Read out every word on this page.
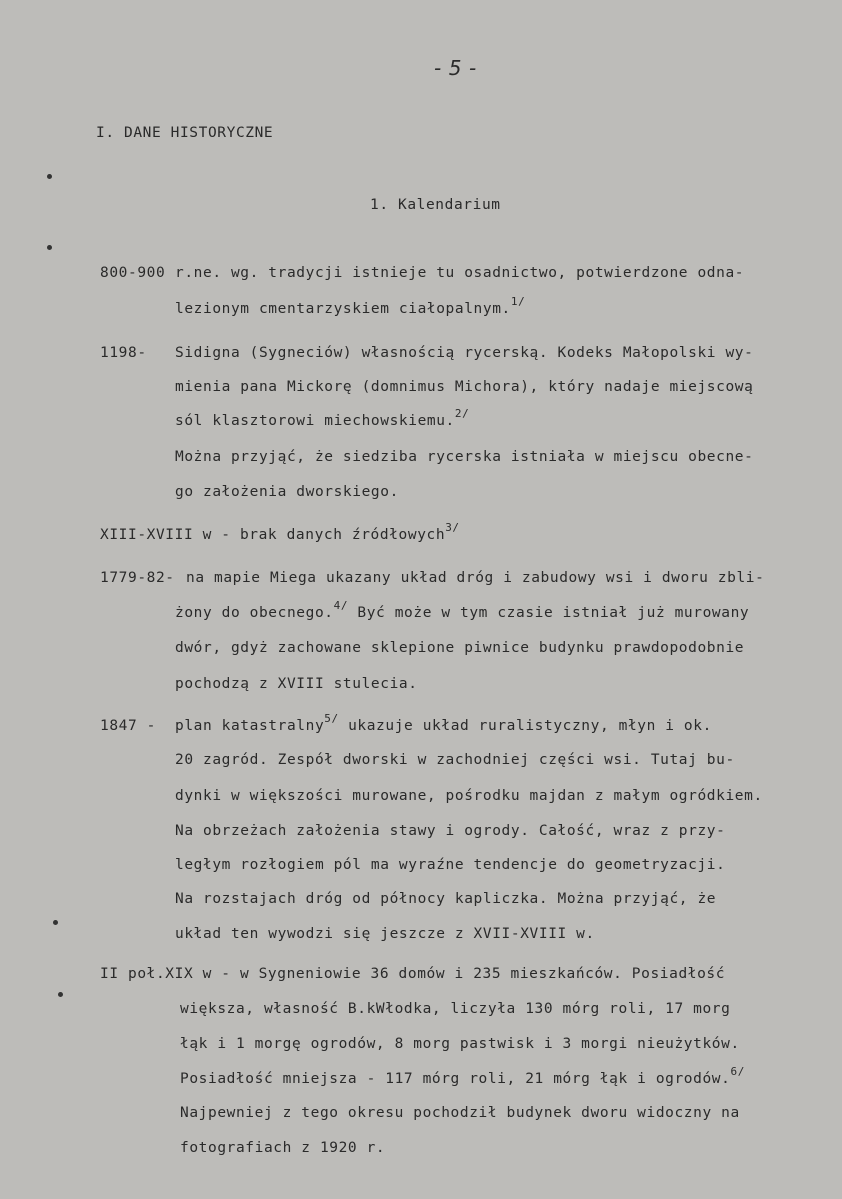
- 5 -
I. DANE HISTORYCZNE
1. Kalendarium
800-900 r.ne. wg. tradycji istnieje tu osadnictwo, potwierdzone odna-
lezionym cmentarzyskiem ciałopalnym.$^{1/}$
1198- Sidigna (Sygneciów) własnością rycerską. Kodeks Małopolski wy-
mienia pana Mickorę (domnimus Michora), który nadaje miejscową
sól klasztorowi miechowskiemu.$^{2/}$
Można przyjąć, że siedziba rycerska istniała w miejscu obecne-
go założenia dworskiego.
XIII-XVIII w - brak danych źródłowych$^{3/}$
1779-82- na mapie Miega ukazany układ dróg i zabudowy wsi i dworu zbli-
żony do obecnego.$^{4/}$ Być może w tym czasie istniał już murowany
dwór, gdyż zachowane sklepione piwnice budynku prawdopodobnie
pochodzą z XVIII stulecia.
1847 - plan katastralny$^{5/}$ ukazuje układ ruralistyczny, młyn i ok.
20 zagród. Zespół dworski w zachodniej części wsi. Tutaj bu-
dynki w większości murowane, pośrodku majdan z małym ogródkiem.
Na obrzeżach założenia stawy i ogrody. Całość, wraz z przy-
ległym rozłogiem pól ma wyraźne tendencje do geometryzacji.
Na rozstajach dróg od północy kapliczka. Można przyjąć, że
układ ten wywodzi się jeszcze z XVII-XVIII w.
II poł.XIX w - w Sygneniowie 36 domów i 235 mieszkańców. Posiadłość
większa, własność B.kWłodka, liczyła 130 mórg roli, 17 morg
łąk i 1 morgę ogrodów, 8 morg pastwisk i 3 morgi nieużytków.
Posiadłość mniejsza - 117 mórg roli, 21 mórg łąk i ogrodów.$^{6/}$
Najpewniej z tego okresu pochodził budynek dworu widoczny na
fotografiach z 1920 r.
